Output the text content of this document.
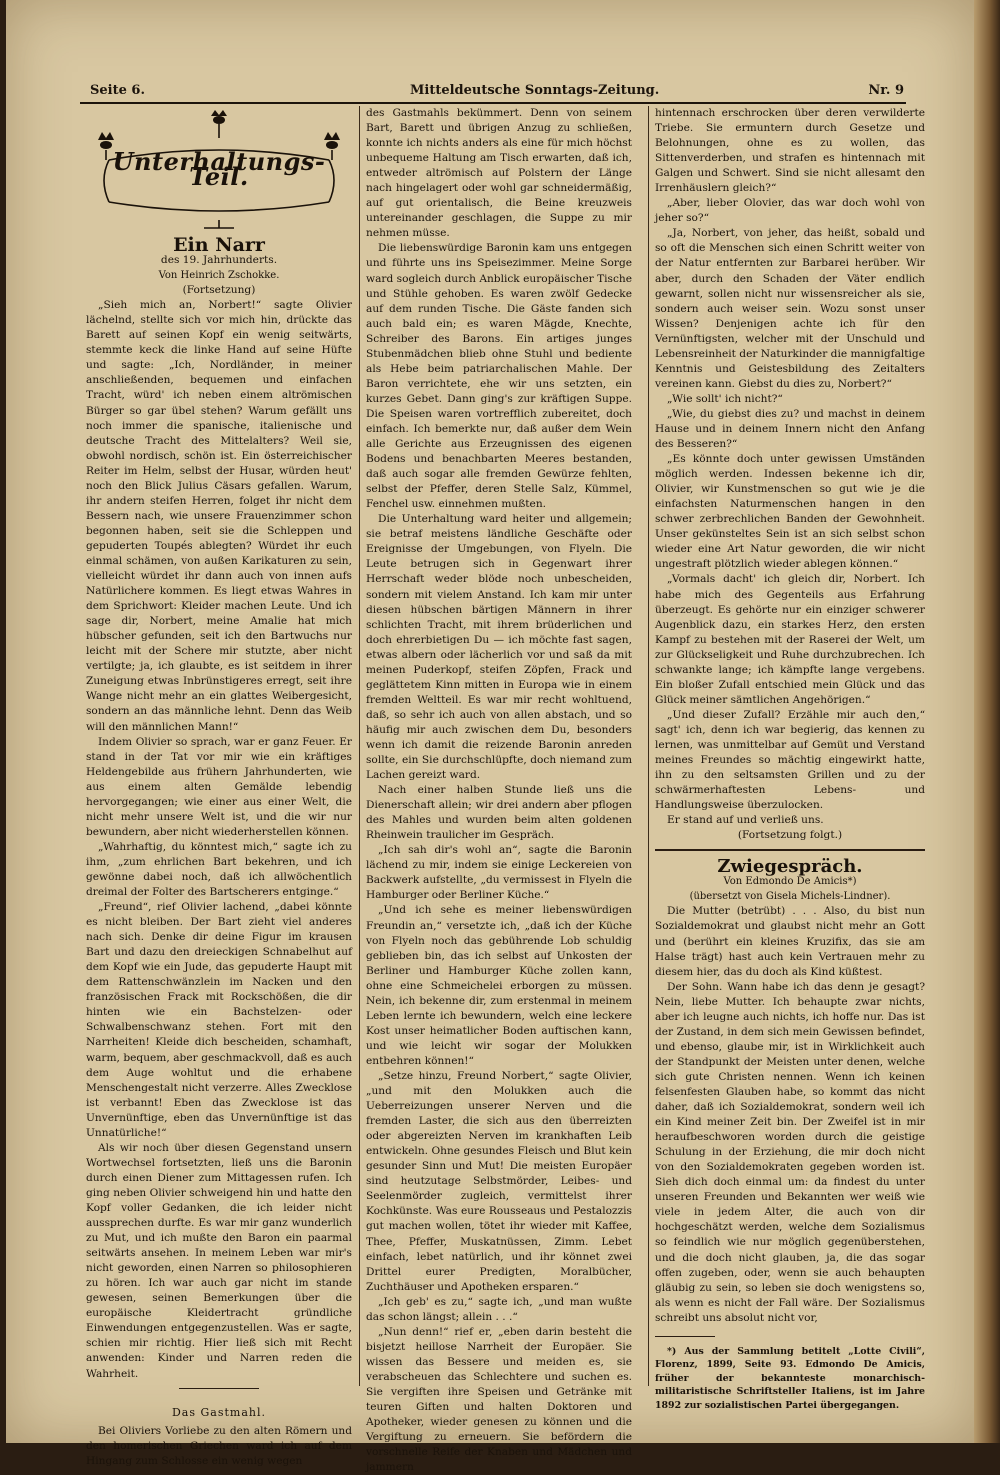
Seite 6.	Mitteldeutsche Sonntags-Zeitung.	Nr. 9
Unterhaltungs-Teil.
Ein Narr

des 19. Jahrhunderts.

Von Heinrich Zschokke.

(Fortsetzung)

„Sieh mich an, Norbert!“ sagte Olivier lächelnd, stellte sich vor mich hin, drückte das Barett auf seinen Kopf ein wenig seitwärts, stemmte keck die linke Hand auf seine Hüfte und sagte: „Ich, Nordländer, in meiner anschließenden, bequemen und einfachen Tracht, würd' ich neben einem altrömischen Bürger so gar übel stehen? Warum gefällt uns noch immer die spanische, italienische und deutsche Tracht des Mittelalters? Weil sie, obwohl nordisch, schön ist. Ein österreichischer Reiter im Helm, selbst der Husar, würden heut' noch den Blick Julius Cäsars gefallen. Warum, ihr andern steifen Herren, folget ihr nicht dem Bessern nach, wie unsere Frauenzimmer schon begonnen haben, seit sie die Schleppen und gepuderten Toupés ablegten? Würdet ihr euch einmal schämen, von außen Karikaturen zu sein, vielleicht würdet ihr dann auch von innen aufs Natürlichere kommen. Es liegt etwas Wahres in dem Sprichwort: Kleider machen Leute. Und ich sage dir, Norbert, meine Amalie hat mich hübscher gefunden, seit ich den Bartwuchs nur leicht mit der Schere mir stutzte, aber nicht vertilgte; ja, ich glaubte, es ist seitdem in ihrer Zuneigung etwas Inbrünstigeres erregt, seit ihre Wange nicht mehr an ein glattes Weibergesicht, sondern an das männliche lehnt. Denn das Weib will den männlichen Mann!“

Indem Olivier so sprach, war er ganz Feuer. Er stand in der Tat vor mir wie ein kräftiges Heldengebilde aus frühern Jahrhunderten, wie aus einem alten Gemälde lebendig hervorgegangen; wie einer aus einer Welt, die nicht mehr unsere Welt ist, und die wir nur bewundern, aber nicht wiederherstellen können.

„Wahrhaftig, du könntest mich,“ sagte ich zu ihm, „zum ehrlichen Bart bekehren, und ich gewönne dabei noch, daß ich allwöchentlich dreimal der Folter des Bartscherers entginge.“

„Freund“, rief Olivier lachend, „dabei könnte es nicht bleiben. Der Bart zieht viel anderes nach sich. Denke dir deine Figur im krausen Bart und dazu den dreieckigen Schnabelhut auf dem Kopf wie ein Jude, das gepuderte Haupt mit dem Rattenschwänzlein im Nacken und den französischen Frack mit Rockschößen, die dir hinten wie ein Bachstelzen- oder Schwalbenschwanz stehen. Fort mit den Narrheiten! Kleide dich bescheiden, schamhaft, warm, bequem, aber geschmackvoll, daß es auch dem Auge wohltut und die erhabene Menschengestalt nicht verzerre. Alles Zwecklose ist verbannt! Eben das Zwecklose ist das Unvernünftige, eben das Unvernünftige ist das Unnatürliche!“

Als wir noch über diesen Gegenstand unsern Wortwechsel fortsetzten, ließ uns die Baronin durch einen Diener zum Mittagessen rufen. Ich ging neben Olivier schweigend hin und hatte den Kopf voller Gedanken, die ich leider nicht aussprechen durfte. Es war mir ganz wunderlich zu Mut, und ich mußte den Baron ein paarmal seitwärts ansehen. In meinem Leben war mir's nicht geworden, einen Narren so philosophieren zu hören. Ich war auch gar nicht im stande gewesen, seinen Bemerkungen über die europäische Kleidertracht gründliche Einwendungen entgegenzustellen. Was er sagte, schien mir richtig. Hier ließ sich mit Recht anwenden: Kinder und Narren reden die Wahrheit.

Das Gastmahl.

Bei Oliviers Vorliebe zu den alten Römern und den homerischen Griechen ward ich auf dem Hingang zum Schlosse ein wenig wegen

des Gastmahls bekümmert. Denn von seinem Bart, Barett und übrigen Anzug zu schließen, konnte ich nichts anders als eine für mich höchst unbequeme Haltung am Tisch erwarten, daß ich, entweder altrömisch auf Polstern der Länge nach hingelagert oder wohl gar schneidermäßig, auf gut orientalisch, die Beine kreuzweis untereinander geschlagen, die Suppe zu mir nehmen müsse.

Die liebenswürdige Baronin kam uns entgegen und führte uns ins Speisezimmer. Meine Sorge ward sogleich durch Anblick europäischer Tische und Stühle gehoben. Es waren zwölf Gedecke auf dem runden Tische. Die Gäste fanden sich auch bald ein; es waren Mägde, Knechte, Schreiber des Barons. Ein artiges junges Stubenmädchen blieb ohne Stuhl und bediente als Hebe beim patriarchalischen Mahle. Der Baron verrichtete, ehe wir uns setzten, ein kurzes Gebet. Dann ging's zur kräftigen Suppe. Die Speisen waren vortrefflich zubereitet, doch einfach. Ich bemerkte nur, daß außer dem Wein alle Gerichte aus Erzeugnissen des eigenen Bodens und benachbarten Meeres bestanden, daß auch sogar alle fremden Gewürze fehlten, selbst der Pfeffer, deren Stelle Salz, Kümmel, Fenchel usw. einnehmen mußten.

Die Unterhaltung ward heiter und allgemein; sie betraf meistens ländliche Geschäfte oder Ereignisse der Umgebungen, von Flyeln. Die Leute betrugen sich in Gegenwart ihrer Herrschaft weder blöde noch unbescheiden, sondern mit vielem Anstand. Ich kam mir unter diesen hübschen bärtigen Männern in ihrer schlichten Tracht, mit ihrem brüderlichen und doch ehrerbietigen Du — ich möchte fast sagen, etwas albern oder lächerlich vor und saß da mit meinen Puderkopf, steifen Zöpfen, Frack und geglättetem Kinn mitten in Europa wie in einem fremden Weltteil. Es war mir recht wohltuend, daß, so sehr ich auch von allen abstach, und so häufig mir auch zwischen dem Du, besonders wenn ich damit die reizende Baronin anreden sollte, ein Sie durchschlüpfte, doch niemand zum Lachen gereizt ward.

Nach einer halben Stunde ließ uns die Dienerschaft allein; wir drei andern aber pflogen des Mahles und wurden beim alten goldenen Rheinwein traulicher im Gespräch.

„Ich sah dir's wohl an“, sagte die Baronin lächend zu mir, indem sie einige Leckereien von Backwerk aufstellte, „du vermissest in Flyeln die Hamburger oder Berliner Küche.“

„Und ich sehe es meiner liebenswürdigen Freundin an,“ versetzte ich, „daß ich der Küche von Flyeln noch das gebührende Lob schuldig geblieben bin, das ich selbst auf Unkosten der Berliner und Hamburger Küche zollen kann, ohne eine Schmeichelei erborgen zu müssen. Nein, ich bekenne dir, zum erstenmal in meinem Leben lernte ich bewundern, welch eine leckere Kost unser heimatlicher Boden auftischen kann, und wie leicht wir sogar der Molukken entbehren können!“

„Setze hinzu, Freund Norbert,“ sagte Olivier, „und mit den Molukken auch die Ueberreizungen unserer Nerven und die fremden Laster, die sich aus den überreizten oder abgereizten Nerven im krankhaften Leib entwickeln. Ohne gesundes Fleisch und Blut kein gesunder Sinn und Mut! Die meisten Europäer sind heutzutage Selbstmörder, Leibes- und Seelenmörder zugleich, vermittelst ihrer Kochkünste. Was eure Rousseaus und Pestalozzis gut machen wollen, tötet ihr wieder mit Kaffee, Thee, Pfeffer, Muskatnüssen, Zimm. Lebet einfach, lebet natürlich, und ihr könnet zwei Drittel eurer Predigten, Moralbücher, Zuchthäuser und Apotheken ersparen.“

„Ich geb' es zu,“ sagte ich, „und man wußte das schon längst; allein . . .“

„Nun denn!“ rief er, „eben darin besteht die bisjetzt heillose Narrheit der Europäer. Sie wissen das Bessere und meiden es, sie verabscheuen das Schlechtere und suchen es. Sie vergiften ihre Speisen und Getränke mit teuren Giften und halten Doktoren und Apotheker, wieder genesen zu können und die Vergiftung zu erneuern. Sie befördern die vorschnelle Reife der Knaben und Mädchen und jammern

hintennach erschrocken über deren verwilderte Triebe. Sie ermuntern durch Gesetze und Belohnungen, ohne es zu wollen, das Sittenverderben, und strafen es hintennach mit Galgen und Schwert. Sind sie nicht allesamt den Irrenhäuslern gleich?“

„Aber, lieber Olovier, das war doch wohl von jeher so?“

„Ja, Norbert, von jeher, das heißt, sobald und so oft die Menschen sich einen Schritt weiter von der Natur entfernten zur Barbarei herüber. Wir aber, durch den Schaden der Väter endlich gewarnt, sollen nicht nur wissensreicher als sie, sondern auch weiser sein. Wozu sonst unser Wissen? Denjenigen achte ich für den Vernünftigsten, welcher mit der Unschuld und Lebensreinheit der Naturkinder die mannigfaltige Kenntnis und Geistesbildung des Zeitalters vereinen kann. Giebst du dies zu, Norbert?“

„Wie sollt' ich nicht?“

„Wie, du giebst dies zu? und machst in deinem Hause und in deinem Innern nicht den Anfang des Besseren?“

„Es könnte doch unter gewissen Umständen möglich werden. Indessen bekenne ich dir, Olivier, wir Kunstmenschen so gut wie je die einfachsten Naturmenschen hangen in den schwer zerbrechlichen Banden der Gewohnheit. Unser gekünsteltes Sein ist an sich selbst schon wieder eine Art Natur geworden, die wir nicht ungestraft plötzlich wieder ablegen können.“

„Vormals dacht' ich gleich dir, Norbert. Ich habe mich des Gegenteils aus Erfahrung überzeugt. Es gehörte nur ein einziger schwerer Augenblick dazu, ein starkes Herz, den ersten Kampf zu bestehen mit der Raserei der Welt, um zur Glückseligkeit und Ruhe durchzubrechen. Ich schwankte lange; ich kämpfte lange vergebens. Ein bloßer Zufall entschied mein Glück und das Glück meiner sämtlichen Angehörigen.“

„Und dieser Zufall? Erzähle mir auch den,“ sagt' ich, denn ich war begierig, das kennen zu lernen, was unmittelbar auf Gemüt und Verstand meines Freundes so mächtig eingewirkt hatte, ihn zu den seltsamsten Grillen und zu der schwärmerhaftesten Lebens- und Handlungsweise überzulocken.

Er stand auf und verließ uns.

(Fortsetzung folgt.)

Zwiegespräch.

Von Edmondo De Amicis*)

(übersetzt von Gisela Michels-Lindner).

Die Mutter (betrübt) . . . Also, du bist nun Sozialdemokrat und glaubst nicht mehr an Gott und (berührt ein kleines Kruzifix, das sie am Halse trägt) hast auch kein Vertrauen mehr zu diesem hier, das du doch als Kind küßtest.

Der Sohn. Wann habe ich das denn je gesagt? Nein, liebe Mutter. Ich behaupte zwar nichts, aber ich leugne auch nichts, ich hoffe nur. Das ist der Zustand, in dem sich mein Gewissen befindet, und ebenso, glaube mir, ist in Wirklichkeit auch der Standpunkt der Meisten unter denen, welche sich gute Christen nennen. Wenn ich keinen felsenfesten Glauben habe, so kommt das nicht daher, daß ich Sozialdemokrat, sondern weil ich ein Kind meiner Zeit bin. Der Zweifel ist in mir heraufbeschworen worden durch die geistige Schulung in der Erziehung, die mir doch nicht von den Sozialdemokraten gegeben worden ist. Sieh dich doch einmal um: da findest du unter unseren Freunden und Bekannten wer weiß wie viele in jedem Alter, die auch von dir hochgeschätzt werden, welche dem Sozialismus so feindlich wie nur möglich gegenüberstehen, und die doch nicht glauben, ja, die das sogar offen zugeben, oder, wenn sie auch behaupten gläubig zu sein, so leben sie doch wenigstens so, als wenn es nicht der Fall wäre. Der Sozialismus schreibt uns absolut nicht vor,

*) Aus der Sammlung betitelt „Lotte Civili“, Florenz, 1899, Seite 93. Edmondo De Amicis, früher der bekannteste monarchisch-militaristische Schriftsteller Italiens, ist im Jahre 1892 zur sozialistischen Partei übergegangen.
